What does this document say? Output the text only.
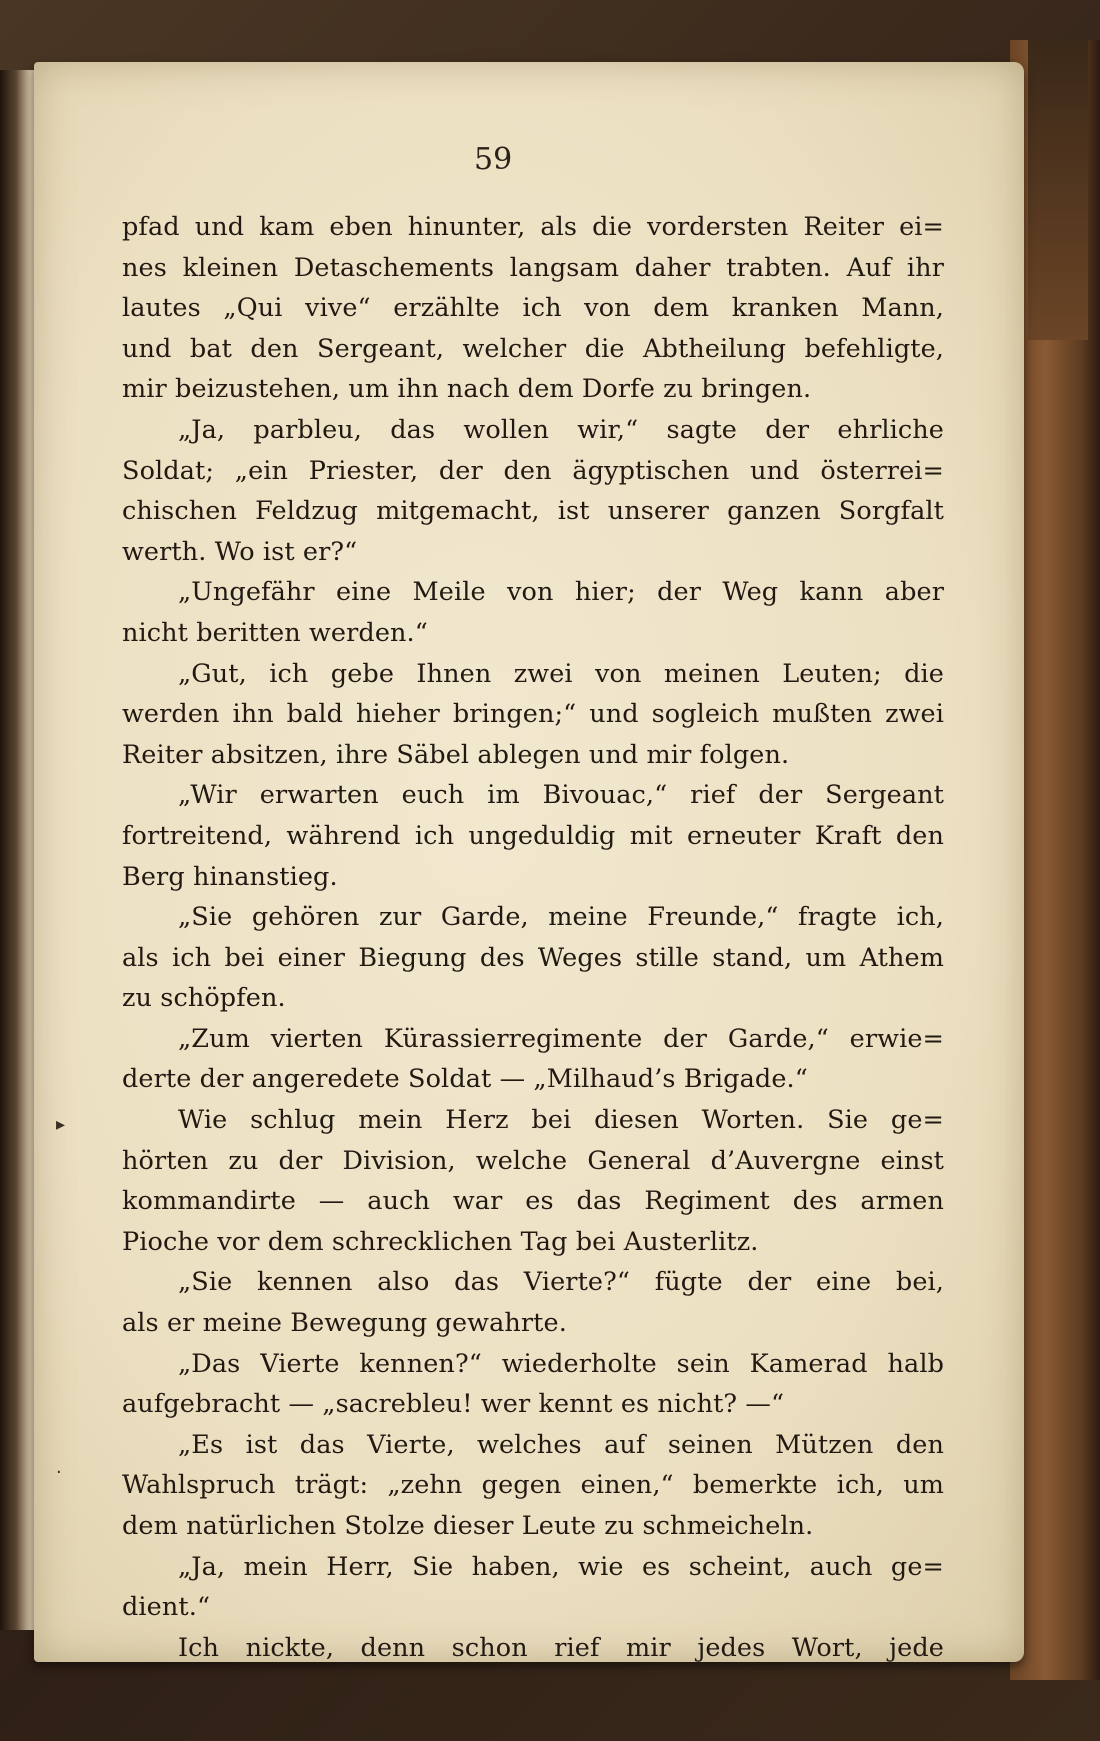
59

pfad und kam eben hinunter, als die vordersten Reiter ei=
nes kleinen Detaschements langsam daher trabten. Auf ihr
lautes „Qui vive“ erzählte ich von dem kranken Mann,
und bat den Sergeant, welcher die Abtheilung befehligte,
mir beizustehen, um ihn nach dem Dorfe zu bringen.
„Ja, parbleu, das wollen wir,“ sagte der ehrliche
Soldat; „ein Priester, der den ägyptischen und österrei=
chischen Feldzug mitgemacht, ist unserer ganzen Sorgfalt
werth. Wo ist er?“
„Ungefähr eine Meile von hier; der Weg kann aber
nicht beritten werden.“
„Gut, ich gebe Ihnen zwei von meinen Leuten; die
werden ihn bald hieher bringen;“ und sogleich mußten zwei
Reiter absitzen, ihre Säbel ablegen und mir folgen.
„Wir erwarten euch im Bivouac,“ rief der Sergeant
fortreitend, während ich ungeduldig mit erneuter Kraft den
Berg hinanstieg.
„Sie gehören zur Garde, meine Freunde,“ fragte ich,
als ich bei einer Biegung des Weges stille stand, um Athem
zu schöpfen.
„Zum vierten Kürassierregimente der Garde,“ erwie=
derte der angeredete Soldat — „Milhaud’s Brigade.“
Wie schlug mein Herz bei diesen Worten. Sie ge=
hörten zu der Division, welche General d’Auvergne einst
kommandirte — auch war es das Regiment des armen
Pioche vor dem schrecklichen Tag bei Austerlitz.
„Sie kennen also das Vierte?“ fügte der eine bei,
als er meine Bewegung gewahrte.
„Das Vierte kennen?“ wiederholte sein Kamerad halb
aufgebracht — „sacrebleu! wer kennt es nicht? —“
„Es ist das Vierte, welches auf seinen Mützen den
Wahlspruch trägt: „zehn gegen einen,“ bemerkte ich, um
dem natürlichen Stolze dieser Leute zu schmeicheln.
„Ja, mein Herr, Sie haben, wie es scheint, auch ge=
dient.“
Ich nickte, denn schon rief mir jedes Wort, jede
▸
·
